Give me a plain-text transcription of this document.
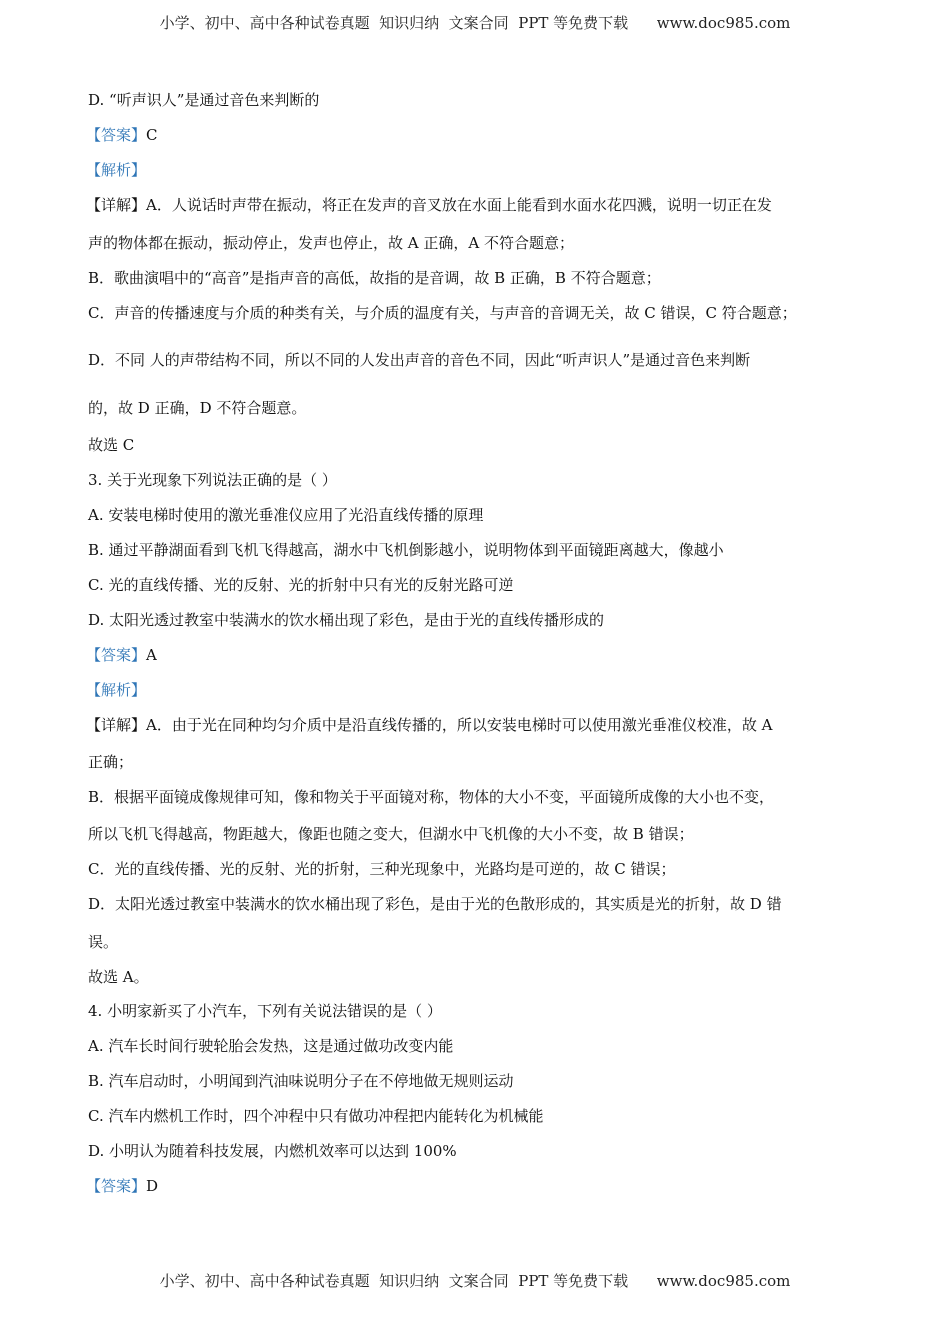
小学、初中、高中各种试卷真题  知识归纳  文案合同  PPT 等免费下载      www.doc985.com
D. “听声识人”是通过音色来判断的
【答案】C
【解析】
【详解】A．人说话时声带在振动，将正在发声的音叉放在水面上能看到水面水花四溅，说明一切正在发
声的物体都在振动，振动停止，发声也停止，故 A 正确，A 不符合题意；
B．歌曲演唱中的“高音”是指声音的高低，故指的是音调，故 B 正确，B 不符合题意；
C．声音的传播速度与介质的种类有关，与介质的温度有关，与声音的音调无关，故 C 错误，C 符合题意；
D．不同 人的声带结构不同，所以不同的人发出声音的音色不同，因此“听声识人”是通过音色来判断
的，故 D 正确，D 不符合题意。
故选 C
3. 关于光现象下列说法正确的是（ ）
A. 安装电梯时使用的激光垂准仪应用了光沿直线传播的原理
B. 通过平静湖面看到飞机飞得越高，湖水中飞机倒影越小，说明物体到平面镜距离越大，像越小
C. 光的直线传播、光的反射、光的折射中只有光的反射光路可逆
D. 太阳光透过教室中装满水的饮水桶出现了彩色，是由于光的直线传播形成的
【答案】A
【解析】
【详解】A．由于光在同种均匀介质中是沿直线传播的，所以安装电梯时可以使用激光垂准仪校准，故 A
正确；
B．根据平面镜成像规律可知，像和物关于平面镜对称，物体的大小不变，平面镜所成像的大小也不变，
所以飞机飞得越高，物距越大，像距也随之变大，但湖水中飞机像的大小不变，故 B 错误；
C．光的直线传播、光的反射、光的折射，三种光现象中，光路均是可逆的，故 C 错误；
D．太阳光透过教室中装满水的饮水桶出现了彩色，是由于光的色散形成的，其实质是光的折射，故 D 错
误。
故选 A。
4. 小明家新买了小汽车，下列有关说法错误的是（ ）
A. 汽车长时间行驶轮胎会发热，这是通过做功改变内能
B. 汽车启动时，小明闻到汽油味说明分子在不停地做无规则运动
C. 汽车内燃机工作时，四个冲程中只有做功冲程把内能转化为机械能
D. 小明认为随着科技发展，内燃机效率可以达到 100%
【答案】D
小学、初中、高中各种试卷真题  知识归纳  文案合同  PPT 等免费下载      www.doc985.com
